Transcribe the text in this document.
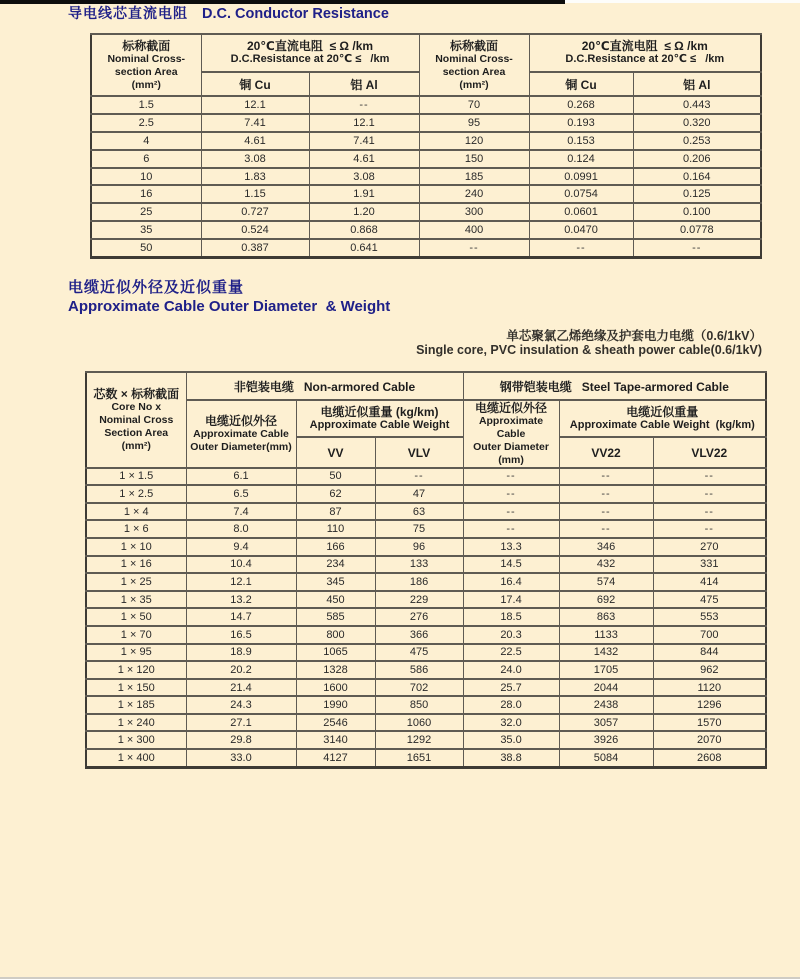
导电线芯直流电阻 D.C. Conductor Resistance
标称截面
Nominal Cross-
section Area
(mm²)

20℃直流电阻  ≤ Ω /km
D.C.Resistance at 20℃ ≤   /km

标称截面
Nominal Cross-
section Area
(mm²)

20℃直流电阻  ≤ Ω /km
D.C.Resistance at 20℃ ≤   /km

	铜 Cu	铝 Al		铜 Cu	铝 Al
1.5	12.1	--	70	0.268	0.443
2.5	7.41	12.1	95	0.193	0.320
4	4.61	7.41	120	0.153	0.253
6	3.08	4.61	150	0.124	0.206
10	1.83	3.08	185	0.0991	0.164
16	1.15	1.91	240	0.0754	0.125
25	0.727	1.20	300	0.0601	0.100
35	0.524	0.868	400	0.0470	0.0778
50	0.387	0.641	--	--	--
电缆近似外径及近似重量
Approximate Cable Outer Diameter  & Weight
单芯聚氯乙烯绝缘及护套电力电缆（0.6/1kV）
Single core, PVC insulation & sheath power cable(0.6/1kV)
芯数 × 标称截面
Core No x
Nominal Cross
Section Area
(mm²)	非铠装电缆   Non-armored Cable			钢带铠装电缆   Steel Tape-armored Cable		

电缆近似外径
Approximate Cable
Outer Diameter(mm)

电缆近似重量 (kg/km)
Approximate Cable Weight

电缆近似外径
Approximate Cable
Outer Diameter
(mm)

电缆近似重量
Approximate Cable Weight  (kg/km)

		VV	VLV		VV22	VLV22
1 × 1.5	6.1	50	--	--	--	--
1 × 2.5	6.5	62	47	--	--	--
1 × 4	7.4	87	63	--	--	--
1 × 6	8.0	110	75	--	--	--
1 × 10	9.4	166	96	13.3	346	270
1 × 16	10.4	234	133	14.5	432	331
1 × 25	12.1	345	186	16.4	574	414
1 × 35	13.2	450	229	17.4	692	475
1 × 50	14.7	585	276	18.5	863	553
1 × 70	16.5	800	366	20.3	1133	700
1 × 95	18.9	1065	475	22.5	1432	844
1 × 120	20.2	1328	586	24.0	1705	962
1 × 150	21.4	1600	702	25.7	2044	1120
1 × 185	24.3	1990	850	28.0	2438	1296
1 × 240	27.1	2546	1060	32.0	3057	1570
1 × 300	29.8	3140	1292	35.0	3926	2070
1 × 400	33.0	4127	1651	38.8	5084	2608
